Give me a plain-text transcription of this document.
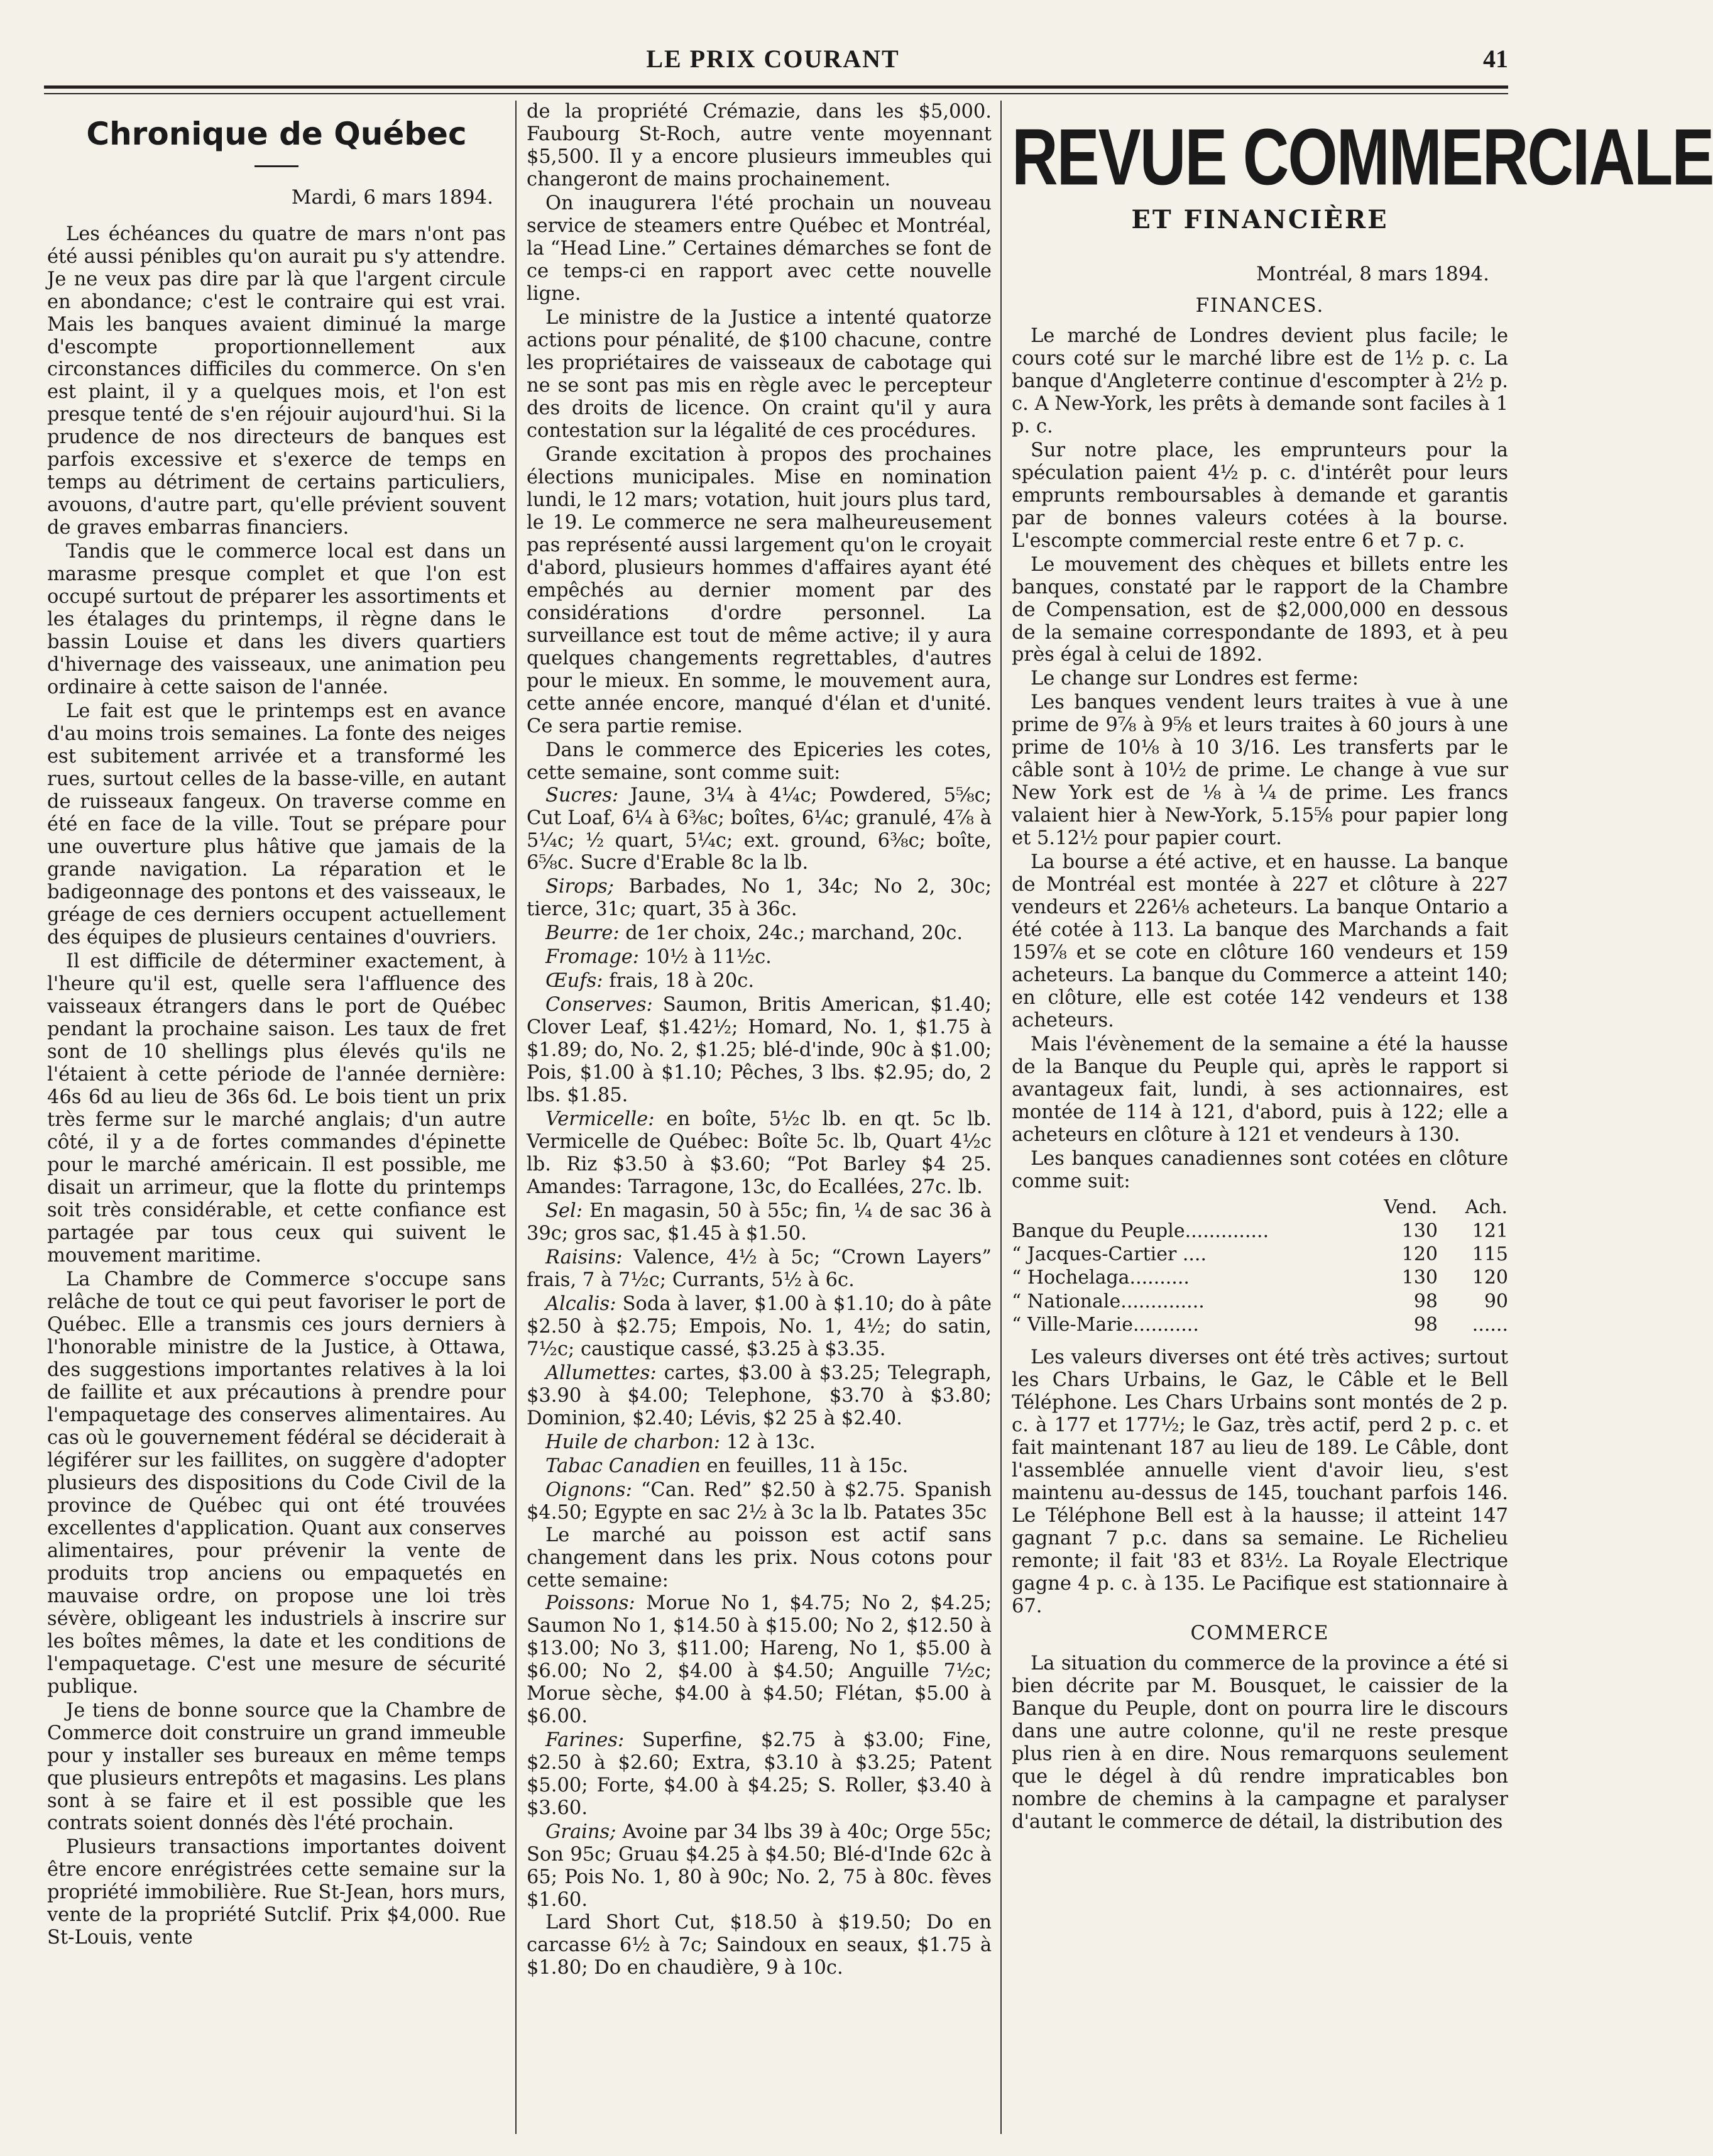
LE PRIX COURANT	41
Chronique de Québec
Mardi, 6 mars 1894.

Les échéances du quatre de mars n'ont pas été aussi pénibles qu'on aurait pu s'y attendre. Je ne veux pas dire par là que l'argent circule en abondance; c'est le contraire qui est vrai. Mais les banques avaient diminué la marge d'escompte proportionnellement aux circonstances difficiles du commerce. On s'en est plaint, il y a quelques mois, et l'on est presque tenté de s'en réjouir aujourd'hui. Si la prudence de nos directeurs de banques est parfois excessive et s'exerce de temps en temps au détriment de certains particuliers, avouons, d'autre part, qu'elle prévient souvent de graves embarras financiers.

Tandis que le commerce local est dans un marasme presque complet et que l'on est occupé surtout de préparer les assortiments et les étalages du printemps, il règne dans le bassin Louise et dans les divers quartiers d'hivernage des vaisseaux, une animation peu ordinaire à cette saison de l'année.

Le fait est que le printemps est en avance d'au moins trois semaines. La fonte des neiges est subitement arrivée et a transformé les rues, surtout celles de la basse-ville, en autant de ruisseaux fangeux. On traverse comme en été en face de la ville. Tout se prépare pour une ouverture plus hâtive que jamais de la grande navigation. La réparation et le badigeonnage des pontons et des vaisseaux, le gréage de ces derniers occupent actuellement des équipes de plusieurs centaines d'ouvriers.

Il est difficile de déterminer exactement, à l'heure qu'il est, quelle sera l'affluence des vaisseaux étrangers dans le port de Québec pendant la prochaine saison. Les taux de fret sont de 10 shellings plus élevés qu'ils ne l'étaient à cette période de l'année dernière: 46s 6d au lieu de 36s 6d. Le bois tient un prix très ferme sur le marché anglais; d'un autre côté, il y a de fortes commandes d'épinette pour le marché américain. Il est possible, me disait un arrimeur, que la flotte du printemps soit très considérable, et cette confiance est partagée par tous ceux qui suivent le mouvement maritime.

La Chambre de Commerce s'occupe sans relâche de tout ce qui peut favoriser le port de Québec. Elle a transmis ces jours derniers à l'honorable ministre de la Justice, à Ottawa, des suggestions importantes relatives à la loi de faillite et aux précautions à prendre pour l'empaquetage des conserves alimentaires. Au cas où le gouvernement fédéral se déciderait à légiférer sur les faillites, on suggère d'adopter plusieurs des dispositions du Code Civil de la province de Québec qui ont été trouvées excellentes d'application. Quant aux conserves alimentaires, pour prévenir la vente de produits trop anciens ou empaquetés en mauvaise ordre, on propose une loi très sévère, obligeant les industriels à inscrire sur les boîtes mêmes, la date et les conditions de l'empaquetage. C'est une mesure de sécurité publique.

Je tiens de bonne source que la Chambre de Commerce doit construire un grand immeuble pour y installer ses bureaux en même temps que plusieurs entrepôts et magasins. Les plans sont à se faire et il est possible que les contrats soient donnés dès l'été prochain.

Plusieurs transactions importantes doivent être encore enrégistrées cette semaine sur la propriété immobilière. Rue St-Jean, hors murs, vente de la propriété Sutclif. Prix $4,000. Rue St-Louis, vente

de la propriété Crémazie, dans les $5,000. Faubourg St-Roch, autre vente moyennant $5,500. Il y a encore plusieurs immeubles qui changeront de mains prochainement.

On inaugurera l'été prochain un nouveau service de steamers entre Québec et Montréal, la “Head Line.” Certaines démarches se font de ce temps-ci en rapport avec cette nouvelle ligne.

Le ministre de la Justice a intenté quatorze actions pour pénalité, de $100 chacune, contre les propriétaires de vaisseaux de cabotage qui ne se sont pas mis en règle avec le percepteur des droits de licence. On craint qu'il y aura contestation sur la légalité de ces procédures.

Grande excitation à propos des prochaines élections municipales. Mise en nomination lundi, le 12 mars; votation, huit jours plus tard, le 19. Le commerce ne sera malheureusement pas représenté aussi largement qu'on le croyait d'abord, plusieurs hommes d'affaires ayant été empêchés au dernier moment par des considérations d'ordre personnel. La surveillance est tout de même active; il y aura quelques changements regrettables, d'autres pour le mieux. En somme, le mouvement aura, cette année encore, manqué d'élan et d'unité. Ce sera partie remise.

Dans le commerce des Epiceries les cotes, cette semaine, sont comme suit:

Sucres: Jaune, 3¼ à 4¼c; Powdered, 5⅝c; Cut Loaf, 6¼ à 6⅜c; boîtes, 6¼c; granulé, 4⅞ à 5¼c; ½ quart, 5¼c; ext. ground, 6⅜c; boîte, 6⅝c. Sucre d'Erable 8c la lb.

Sirops; Barbades, No 1, 34c; No 2, 30c; tierce, 31c; quart, 35 à 36c.

Beurre: de 1er choix, 24c.; marchand, 20c.

Fromage: 10½ à 11½c.

Œufs: frais, 18 à 20c.

Conserves: Saumon, Britis American, $1.40; Clover Leaf, $1.42½; Homard, No. 1, $1.75 à $1.89; do, No. 2, $1.25; blé-d'inde, 90c à $1.00; Pois, $1.00 à $1.10; Pêches, 3 lbs. $2.95; do, 2 lbs. $1.85.

Vermicelle: en boîte, 5½c lb. en qt. 5c lb. Vermicelle de Québec: Boîte 5c. lb, Quart 4½c lb. Riz $3.50 à $3.60; “Pot Barley $4 25. Amandes: Tarragone, 13c, do Ecallées, 27c. lb.

Sel: En magasin, 50 à 55c; fin, ¼ de sac 36 à 39c; gros sac, $1.45 à $1.50.

Raisins: Valence, 4½ à 5c; “Crown Layers” frais, 7 à 7½c; Currants, 5½ à 6c.

Alcalis: Soda à laver, $1.00 à $1.10; do à pâte $2.50 à $2.75; Empois, No. 1, 4½; do satin, 7½c; caustique cassé, $3.25 à $3.35.

Allumettes: cartes, $3.00 à $3.25; Telegraph, $3.90 à $4.00; Telephone, $3.70 à $3.80; Dominion, $2.40; Lévis, $2 25 à $2.40.

Huile de charbon: 12 à 13c.

Tabac Canadien en feuilles, 11 à 15c.

Oignons: “Can. Red” $2.50 à $2.75. Spanish $4.50; Egypte en sac 2½ à 3c la lb. Patates 35c

Le marché au poisson est actif sans changement dans les prix. Nous cotons pour cette semaine:

Poissons: Morue No 1, $4.75; No 2, $4.25; Saumon No 1, $14.50 à $15.00; No 2, $12.50 à $13.00; No 3, $11.00; Hareng, No 1, $5.00 à $6.00; No 2, $4.00 à $4.50; Anguille 7½c; Morue sèche, $4.00 à $4.50; Flétan, $5.00 à $6.00.

Farines: Superfine, $2.75 à $3.00; Fine, $2.50 à $2.60; Extra, $3.10 à $3.25; Patent $5.00; Forte, $4.00 à $4.25; S. Roller, $3.40 à $3.60.

Grains; Avoine par 34 lbs 39 à 40c; Orge 55c; Son 95c; Gruau $4.25 à $4.50; Blé-d'Inde 62c à 65; Pois No. 1, 80 à 90c; No. 2, 75 à 80c. fèves $1.60.

Lard Short Cut, $18.50 à $19.50; Do en carcasse 6½ à 7c; Saindoux en seaux, $1.75 à $1.80; Do en chaudière, 9 à 10c.

REVUE COMMERCIALE
ET FINANCIÈRE
Montréal, 8 mars 1894.
FINANCES.

Le marché de Londres devient plus facile; le cours coté sur le marché libre est de 1½ p. c. La banque d'Angleterre continue d'escompter à 2½ p. c. A New-York, les prêts à demande sont faciles à 1 p. c.

Sur notre place, les emprunteurs pour la spéculation paient 4½ p. c. d'intérêt pour leurs emprunts remboursables à demande et garantis par de bonnes valeurs cotées à la bourse. L'escompte commercial reste entre 6 et 7 p. c.

Le mouvement des chèques et billets entre les banques, constaté par le rapport de la Chambre de Compensation, est de $2,000,000 en dessous de la semaine correspondante de 1893, et à peu près égal à celui de 1892.

Le change sur Londres est ferme:

Les banques vendent leurs traites à vue à une prime de 9⅞ à 9⅝ et leurs traites à 60 jours à une prime de 10⅛ à 10 3/16. Les transferts par le câble sont à 10½ de prime. Le change à vue sur New York est de ⅛ à ¼ de prime. Les francs valaient hier à New-York, 5.15⅝ pour papier long et 5.12½ pour papier court.

La bourse a été active, et en hausse. La banque de Montréal est montée à 227 et clôture à 227 vendeurs et 226⅛ acheteurs. La banque Ontario a été cotée à 113. La banque des Marchands a fait 159⅞ et se cote en clôture 160 vendeurs et 159 acheteurs. La banque du Commerce a atteint 140; en clôture, elle est cotée 142 vendeurs et 138 acheteurs.

Mais l'évènement de la semaine a été la hausse de la Banque du Peuple qui, après le rapport si avantageux fait, lundi, à ses actionnaires, est montée de 114 à 121, d'abord, puis à 122; elle a acheteurs en clôture à 121 et vendeurs à 130.

Les banques canadiennes sont cotées en clôture comme suit:

	Vend.	Ach.
Banque du Peuple..............	130	121
“ Jacques-Cartier ....	120	115
“ Hochelaga..........	130	120
“ Nationale..............	98	90
“ Ville-Marie...........	98	......

Les valeurs diverses ont été très actives; surtout les Chars Urbains, le Gaz, le Câble et le Bell Téléphone. Les Chars Urbains sont montés de 2 p. c. à 177 et 177½; le Gaz, très actif, perd 2 p. c. et fait maintenant 187 au lieu de 189. Le Câble, dont l'assemblée annuelle vient d'avoir lieu, s'est maintenu au-dessus de 145, touchant parfois 146. Le Téléphone Bell est à la hausse; il atteint 147 gagnant 7 p.c. dans sa semaine. Le Richelieu remonte; il fait '83 et 83½. La Royale Electrique gagne 4 p. c. à 135. Le Pacifique est stationnaire à 67.

COMMERCE

La situation du commerce de la province a été si bien décrite par M. Bousquet, le caissier de la Banque du Peuple, dont on pourra lire le discours dans une autre colonne, qu'il ne reste presque plus rien à en dire. Nous remarquons seulement que le dégel à dû rendre impraticables bon nombre de chemins à la campagne et paralyser d'autant le commerce de détail, la distribution des
